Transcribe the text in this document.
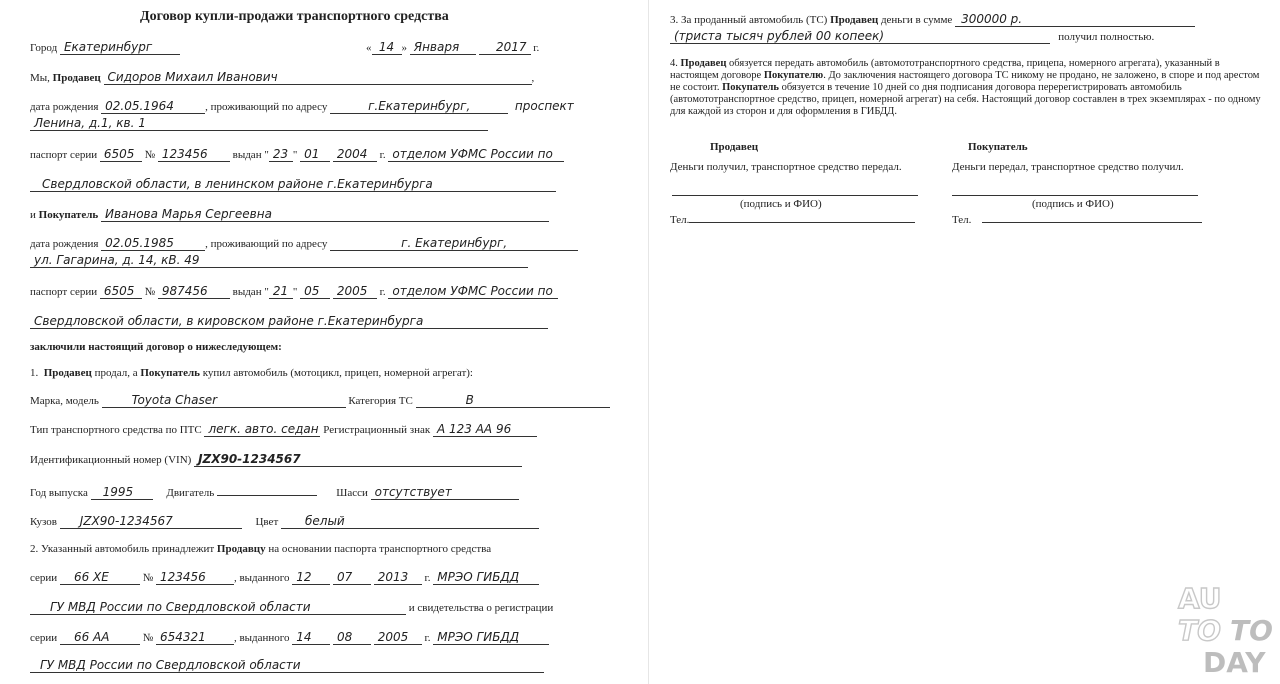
Договор купли-продажи транспортного средства
Город Екатеринбург	« 14 » Января	2017 г.
Мы, Продавец Сидоров Михаил Иванович	,
дата рождения 02.05.1964	, проживающий по адресу	г.Екатеринбург,	проспект
Ленина, д.1, кв. 1
паспорт серии 6505 № 123456 выдан " 23 " 01 2004 г. отделом УФМС России по
Свердловской области, в ленинском районе г.Екатеринбурга
и Покупатель Иванова Марья Сергеевна
дата рождения 02.05.1985	, проживающий по адресу	г. Екатеринбург,
ул. Гагарина, д. 14, кВ. 49
паспорт серии 6505 № 987456 выдан " 21 " 05 2005 г. отделом УФМС России по
Свердловской области, в кировском районе г.Екатеринбурга
заключили настоящий договор о нижеследующем:
1. Продавец продал, а Покупатель купил автомобиль (мотоцикл, прицеп, номерной агрегат):
Марка, модель	Toyota Chaser	Категория ТС	В
Тип транспортного средства по ПТС легк. авто. седан Регистрационный знак А 123 АА 96
Идентификационный номер (VIN) JZX90-1234567
Год выпуска 1995	Двигатель	Шасси отсутствует
Кузов JZX90-1234567	Цвет белый
2. Указанный автомобиль принадлежит Продавцу на основании паспорта транспортного средства
серии 66 ХЕ	№ 123456	, выданного 12 07 2013 г. МРЭО ГИБДД
ГУ МВД России по Свердловской области	и свидетельства о регистрации
серии 66 АА	№ 654321	, выданного 14 08 2005 г. МРЭО ГИБДД
ГУ МВД России по Свердловской области
3. За проданный автомобиль (ТС) Продавец деньги в сумме 300000 р.
(триста тысяч рублей 00 копеек)	получил полностью.
4. Продавец обязуется передать автомобиль (автомототранспортного средства, прицепа, номерного агрегата), указанный в настоящем договоре Покупателю. До заключения настоящего договора ТС никому не продано, не заложено, в споре и под арестом не состоит. Покупатель обязуется в течение 10 дней со дня подписания договора перерегистрировать автомобиль (автомототранспортное средство, прицеп, номерной агрегат) на себя. Настоящий договор составлен в трех экземплярах - по одному для каждой из сторон и для оформления в ГИБДД.
Продавец	Покупатель
Деньги получил, транспортное средство передал.	Деньги передал, транспортное средство получил.
(подпись и ФИО)	(подпись и ФИО)
Тел.	Тел.
AU
TO TO
DAY
